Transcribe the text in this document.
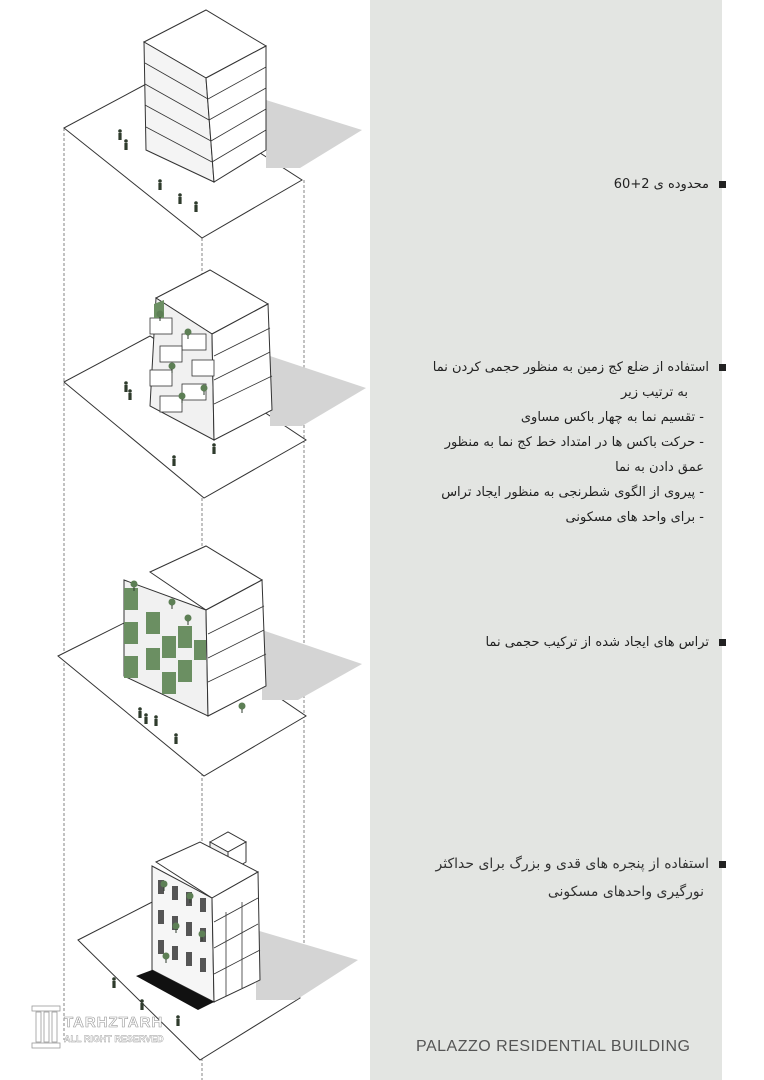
محدوده ی 2+60
استفاده از ضلع کج زمین به منظور حجمی کردن نما
به ترتیب زیر
- تقسیم نما به چهار باکس مساوی
- حرکت باکس ها در امتداد خط کج نما به منظور
عمق دادن به نما
- پیروی از الگوی شطرنجی به منظور ایجاد تراس
- برای واحد های مسکونی
تراس های ایجاد شده از ترکیب حجمی نما
استفاده از پنجره های قدی و بزرگ برای حداکثر
نورگیری واحدهای مسکونی
PALAZZO RESIDENTIAL BUILDING
TARHZTARH
ALL RIGHT RESERVED
